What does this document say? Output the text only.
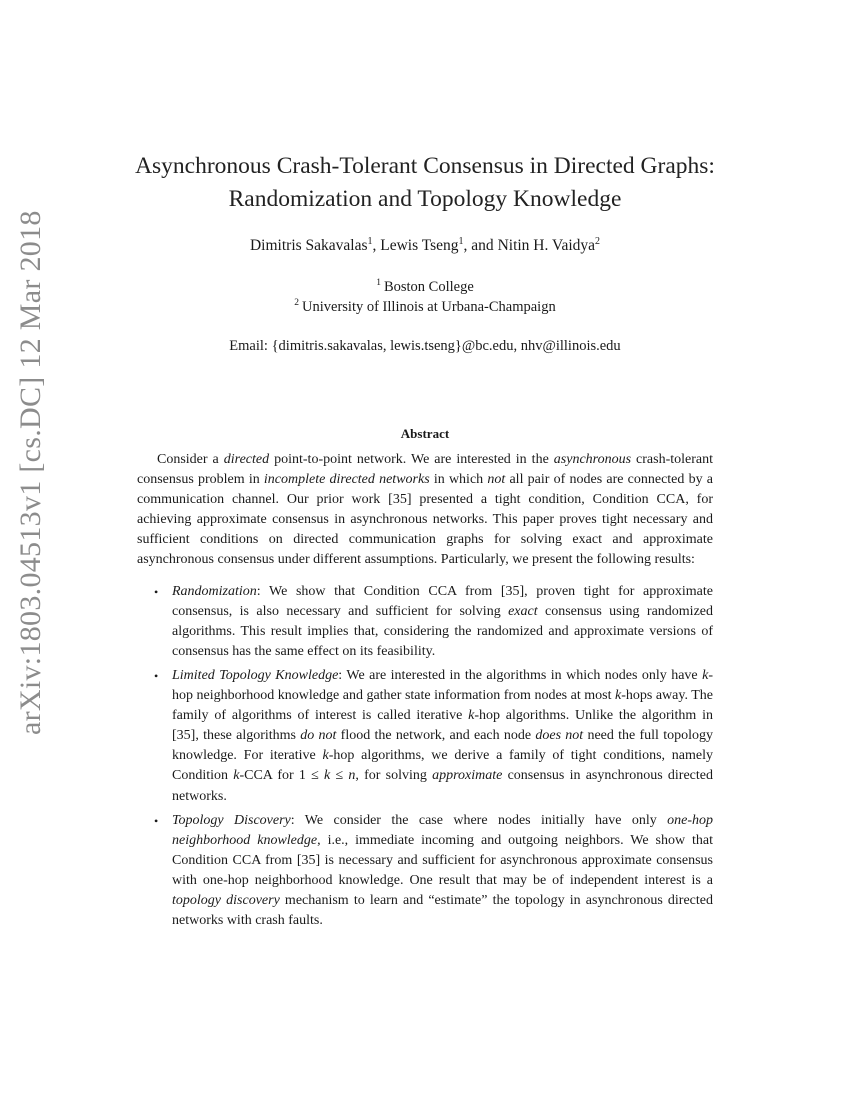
arXiv:1803.04513v1 [cs.DC] 12 Mar 2018
Asynchronous Crash-Tolerant Consensus in Directed Graphs:
Randomization and Topology Knowledge
Dimitris Sakavalas$^1$, Lewis Tseng$^1$, and Nitin H. Vaidya$^2$
$^1$ Boston College
$^2$ University of Illinois at Urbana-Champaign
Email: {dimitris.sakavalas, lewis.tseng}@bc.edu, nhv@illinois.edu
Abstract

Consider a directed point-to-point network. We are interested in the asynchronous crash-tolerant consensus problem in incomplete directed networks in which not all pair of nodes are connected by a communication channel. Our prior work [35] presented a tight condition, Condition CCA, for achieving approximate consensus in asynchronous networks. This paper proves tight necessary and sufficient conditions on directed communication graphs for solving exact and approximate asynchronous consensus under different assumptions. Particularly, we present the following results:

• Randomization: We show that Condition CCA from [35], proven tight for approximate consensus, is also necessary and sufficient for solving exact consensus using randomized algorithms. This result implies that, considering the randomized and approximate versions of consensus has the same effect on its feasibility.
• Limited Topology Knowledge: We are interested in the algorithms in which nodes only have k-hop neighborhood knowledge and gather state information from nodes at most k-hops away. The family of algorithms of interest is called iterative k-hop algorithms. Unlike the algorithm in [35], these algorithms do not flood the network, and each node does not need the full topology knowledge. For iterative k-hop algorithms, we derive a family of tight conditions, namely Condition k-CCA for 1 ≤ k ≤ n, for solving approximate consensus in asynchronous directed networks.
• Topology Discovery: We consider the case where nodes initially have only one-hop neighborhood knowledge, i.e., immediate incoming and outgoing neighbors. We show that Condition CCA from [35] is necessary and sufficient for asynchronous approximate consensus with one-hop neighborhood knowledge. One result that may be of independent interest is a topology discovery mechanism to learn and “estimate” the topology in asynchronous directed networks with crash faults.
